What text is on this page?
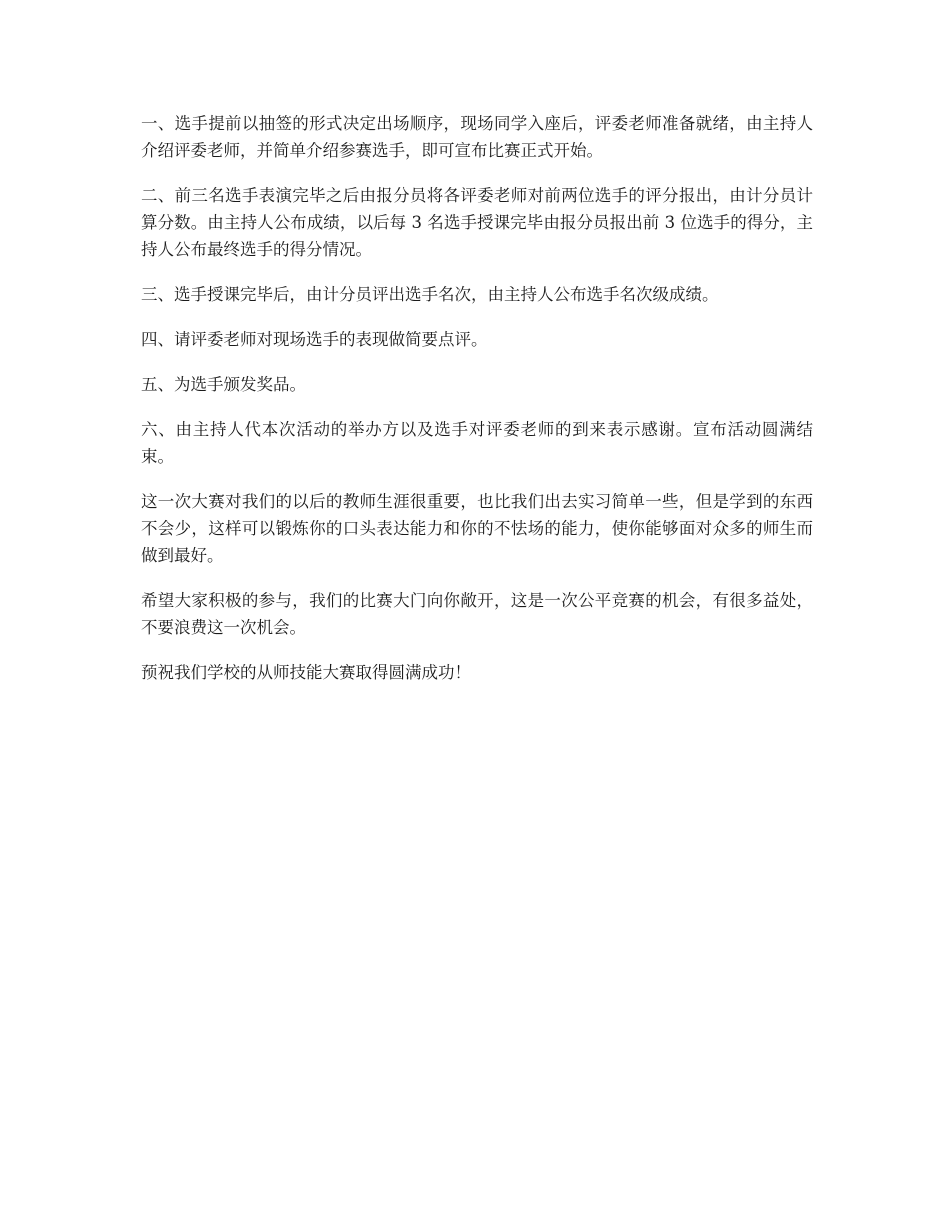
一、选手提前以抽签的形式决定出场顺序，现场同学入座后，评委老师准备就绪，由主持人介绍评委老师，并简单介绍参赛选手，即可宣布比赛正式开始。

二、前三名选手表演完毕之后由报分员将各评委老师对前两位选手的评分报出，由计分员计算分数。由主持人公布成绩，以后每 3 名选手授课完毕由报分员报出前 3 位选手的得分，主持人公布最终选手的得分情况。

三、选手授课完毕后，由计分员评出选手名次，由主持人公布选手名次级成绩。

四、请评委老师对现场选手的表现做简要点评。

五、为选手颁发奖品。

六、由主持人代本次活动的举办方以及选手对评委老师的到来表示感谢。宣布活动圆满结束。

这一次大赛对我们的以后的教师生涯很重要，也比我们出去实习简单一些，但是学到的东西不会少，这样可以锻炼你的口头表达能力和你的不怯场的能力，使你能够面对众多的师生而做到最好。

希望大家积极的参与，我们的比赛大门向你敞开，这是一次公平竞赛的机会，有很多益处，不要浪费这一次机会。

预祝我们学校的从师技能大赛取得圆满成功！
